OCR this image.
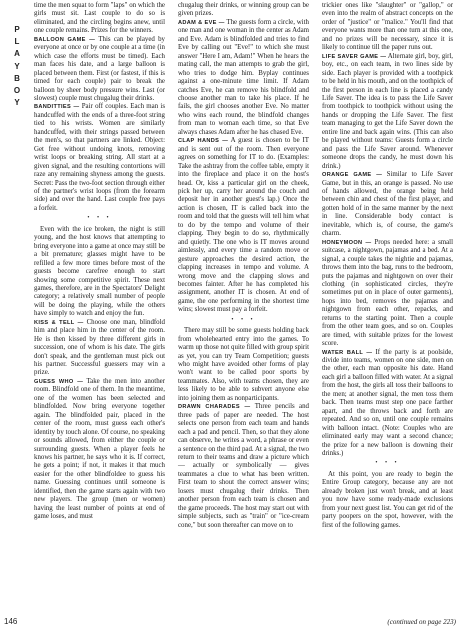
P
L
A
Y
B
O
Y

time the men squat to form "laps" on which the girls must sit. Last couple to do so is eliminated, and the circling begins anew, until one couple remains. Prizes for the winners.

BALLOON GAME — This can be played by everyone at once or by one couple at a time (in which case the efforts must be timed). Each man faces his date, and a large balloon is placed between them. First (or fastest, if this is timed for each couple) pair to break the balloon by sheer body pressure wins. Last (or slowest) couple must chugalug their drinks.

BANDITTIES — Pair off couples. Each man is handcuffed with the ends of a three-foot string tied to his wrists. Women are similarly handcuffed, with their strings passed between the men's, so that partners are linked. Object: Get free without undoing knots, removing wrist loops or breaking string. All start at a given signal, and the resulting contortions will raze any remaining shyness among the guests. Secret: Pass the two-foot section through either of the partner's wrist loops (from the forearm side) and over the hand. Last couple free pays a forfeit.

• • •

Even with the ice broken, the night is still young, and the host knows that attempting to bring everyone into a game at once may still be a bit premature; glasses might have to be refilled a few more times before most of the guests become carefree enough to start showing some competitive spirit. These next games, therefore, are in the Spectators' Delight category; a relatively small number of people will be doing the playing, while the others have simply to watch and enjoy the fun.

KISS & TELL — Choose one man, blindfold him and place him in the center of the room. He is then kissed by three different girls in succession, one of whom is his date. The girls don't speak, and the gentleman must pick out his partner. Successful guessers may win a prize.

GUESS WHO — Take the men into another room. Blindfold one of them. In the meantime, one of the women has been selected and blindfolded. Now bring everyone together again. The blindfolded pair, placed in the center of the room, must guess each other's identity by touch alone. Of course, no speaking or sounds allowed, from either the couple or surrounding guests. When a player feels he knows his partner, he says who it is. If correct, he gets a point; if not, it makes it that much easier for the other blindfoldee to guess his name. Guessing continues until someone is identified, then the game starts again with two new players. The group (men or women) having the least number of points at end of game loses, and must

chugalug their drinks, or winning group can be given prizes.

ADAM & EVE — The guests form a circle, with one man and one woman in the center as Adam and Eve. Adam is blindfolded and tries to find Eve by calling out "Eve!" to which she must answer "Here I am, Adam!" When he hears the mating call, the man attempts to grab the girl, who tries to dodge him. Byplay continues against a one-minute time limit. If Adam catches Eve, he can remove his blindfold and choose another man to take his place. If he fails, the girl chooses another Eve. No matter who wins each round, the blindfold changes from man to woman each time, so that Eve always chases Adam after he has chased Eve.

CLAP HANDS — A guest is chosen to be IT and is sent out of the room. Then everyone agrees on something for IT to do. (Examples: Take the ashtray from the coffee table, empty it into the fireplace and place it on the host's head. Or, kiss a particular girl on the cheek, pick her up, carry her around the couch and deposit her in another guest's lap.) Once the action is chosen, IT is called back into the room and told that the guests will tell him what to do by the tempo and volume of their clapping. They begin to do so, rhythmically and quietly. The one who is IT moves around aimlessly, and every time a random move or gesture approaches the desired action, the clapping increases in tempo and volume. A wrong move and the clapping slows and becomes fainter. After he has completed his assignment, another IT is chosen. At end of game, the one performing in the shortest time wins; slowest must pay a forfeit.

• • •

There may still be some guests holding back from wholehearted entry into the games. To warm up those not quite filled with group spirit as yet, you can try Team Competition; guests who might have avoided other forms of play won't want to be called poor sports by teammates. Also, with teams chosen, they are less likely to be able to subvert anyone else into joining them as nonparticipants.

DRAWN CHARADES — Three pencils and three pads of paper are needed. The host selects one person from each team and hands each a pad and pencil. Then, so that they alone can observe, he writes a word, a phrase or even a sentence on the third pad. At a signal, the two return to their teams and draw a picture which — actually or symbolically — gives teammates a clue to what has been written. First team to shout the correct answer wins; losers must chugalug their drinks. Then another person from each team is chosen and the game proceeds. The host may start out with simple subjects, such as "train" or "ice-cream cone," but soon thereafter can move on to

trickier ones like "slaughter" or "gallop," or even into the realm of abstract concepts on the order of "justice" or "malice." You'll find that everyone wants more than one turn at this one, and no prizes will be necessary, since it is likely to continue till the paper runs out.

LIFE SAVER GAME — Alternate girl, boy, girl, boy, etc., on each team, in two lines side by side. Each player is provided with a toothpick to be held in his mouth, and on the toothpick of the first person in each line is placed a candy Life Saver. The idea is to pass the Life Saver from toothpick to toothpick without using the hands or dropping the Life Saver. The first team managing to get the Life Saver down the entire line and back again wins. (This can also be played without teams: Guests form a circle and pass the Life Saver around. Whenever someone drops the candy, he must down his drink.)

ORANGE GAME — Similar to Life Saver Game, but in this, an orange is passed. No use of hands allowed, the orange being held between chin and chest of the first player, and gotten hold of in the same manner by the next in line. Considerable body contact is inevitable, which is, of course, the game's charm.

HONEYMOON — Props needed here: a small suitcase, a nightgown, pajamas and a bed. At a signal, a couple takes the nightie and pajamas, throws them into the bag, runs to the bedroom, puts the pajamas and nightgown on over their clothing (in sophisticated circles, they're sometimes put on in place of outer garments), hops into bed, removes the pajamas and nightgown from each other, repacks, and returns to the starting point. Then a couple from the other team goes, and so on. Couples are timed, with suitable prizes for the lowest score.

WATER BALL — If the party is at poolside, divide into teams, women on one side, men on the other, each man opposite his date. Hand each girl a balloon filled with water. At a signal from the host, the girls all toss their balloons to the men; at another signal, the men toss them back. Then teams must step one pace farther apart, and the throws back and forth are repeated. And so on, until one couple remains with balloon intact. (Note: Couples who are eliminated early may want a second chance; the prize for a new balloon is downing their drinks.)

• • •

At this point, you are ready to begin the Entire Group category, because any are not already broken just won't break, and at least you now have some ready-made exclusions from your next guest list. You can get rid of the party poopers on the spot, however, with the first of the following games.

146	(continued on page 223)
